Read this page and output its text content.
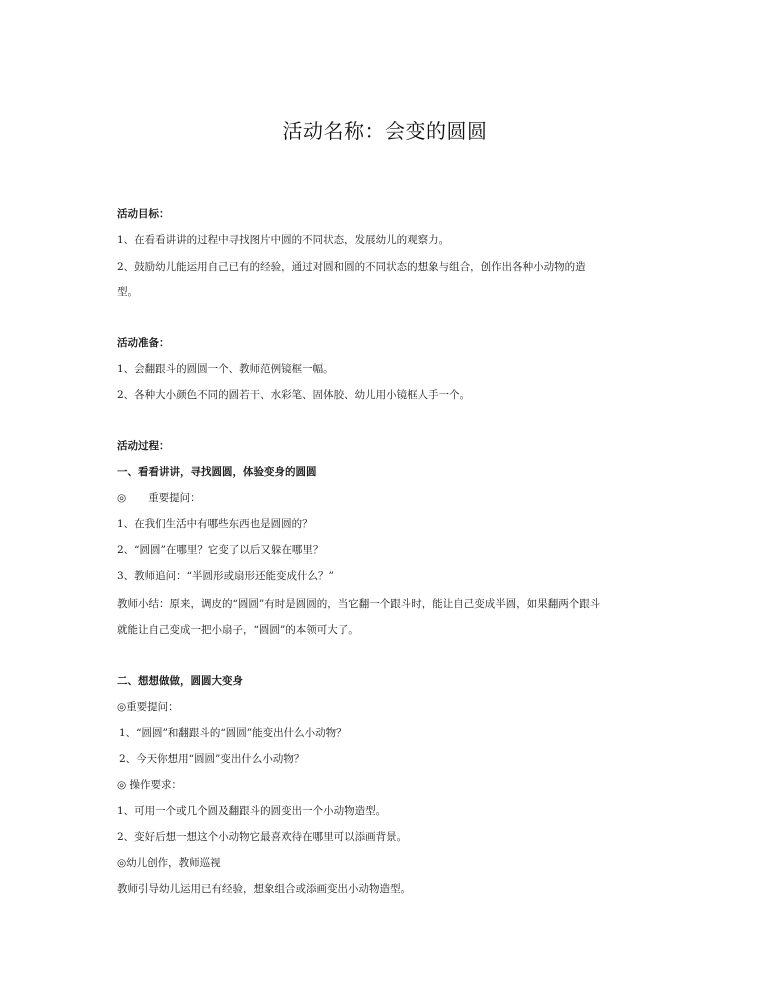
活动名称：会变的圆圆
活动目标：
1、在看看讲讲的过程中寻找图片中圆的不同状态，发展幼儿的观察力。
2、鼓励幼儿能运用自己已有的经验，通过对圆和圆的不同状态的想象与组合，创作出各种小动物的造
型。
活动准备：
1、会翻跟斗的圆圆一个、教师范例镜框一幅。
2、各种大小颜色不同的圆若干、水彩笔、固体胶、幼儿用小镜框人手一个。
活动过程：
一、看看讲讲，寻找圆圆，体验变身的圆圆
◎ 重要提问：
1、在我们生活中有哪些东西也是圆圆的？
2、“圆圆”在哪里？它变了以后又躲在哪里？
3、教师追问：“半圆形或扇形还能变成什么？”
教师小结：原来，调皮的“圆圆”有时是圆圆的，当它翻一个跟斗时，能让自己变成半圆，如果翻两个跟斗
就能让自己变成一把小扇子，“圆圆”的本领可大了。
二、想想做做，圆圆大变身
◎重要提问：
1、“圆圆”和翻跟斗的“圆圆”能变出什么小动物？
2、今天你想用“圆圆”变出什么小动物？
◎ 操作要求：
1、可用一个或几个圆及翻跟斗的圆变出一个小动物造型。
2、变好后想一想这个小动物它最喜欢待在哪里可以添画背景。
◎幼儿创作，教师巡视
教师引导幼儿运用已有经验，想象组合或添画变出小动物造型。
